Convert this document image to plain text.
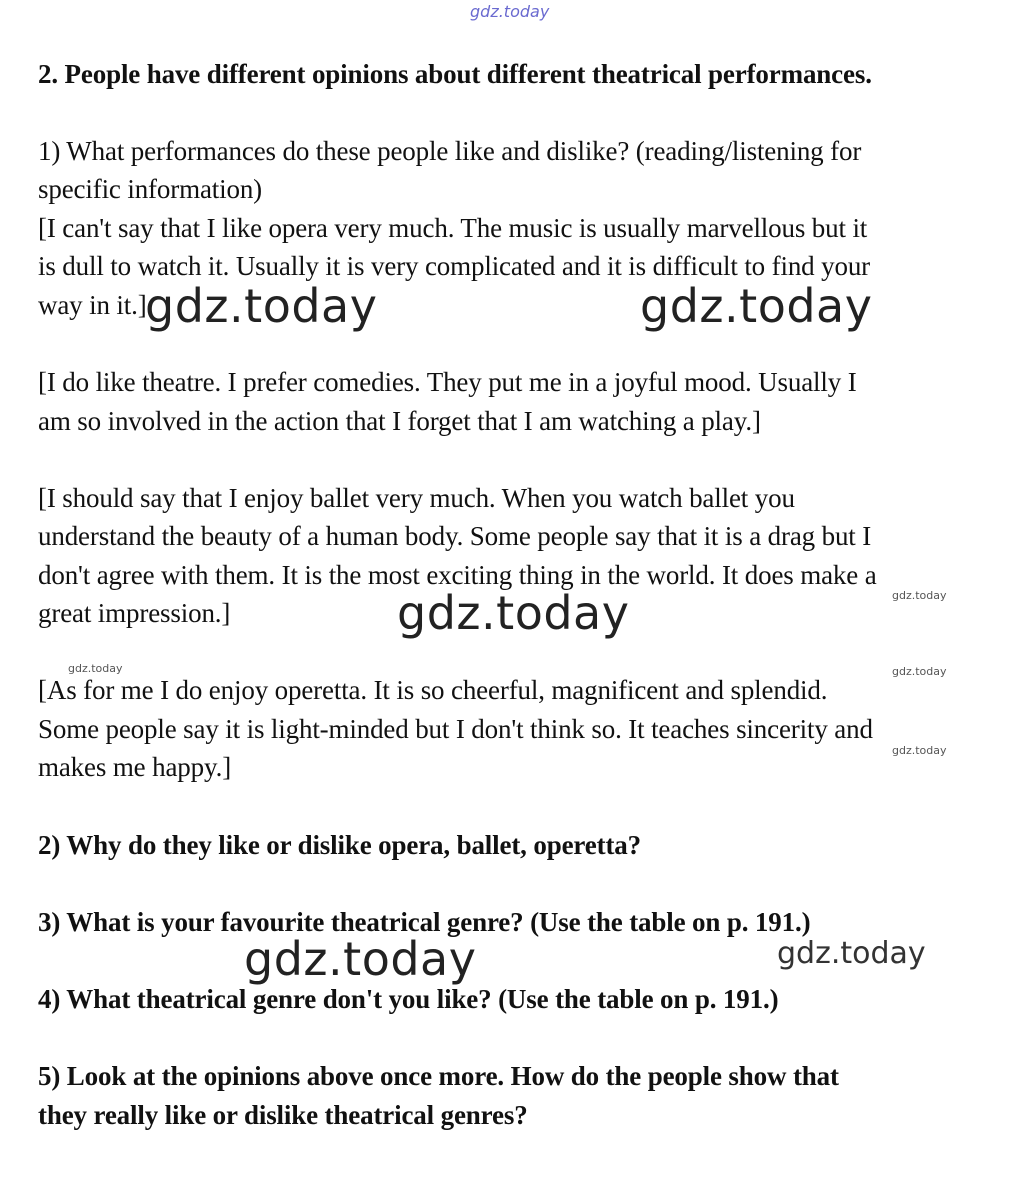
gdz.today
2. People have different opinions about different theatrical performances.
1) What performances do these people like and dislike? (reading/listening for
specific information)
[I can't say that I like opera very much. The music is usually marvellous but it
is dull to watch it. Usually it is very complicated and it is difficult to find your
way in it.]
[I do like theatre. I prefer comedies. They put me in a joyful mood. Usually I
am so involved in the action that I forget that I am watching a play.]
[I should say that I enjoy ballet very much. When you watch ballet you
understand the beauty of a human body. Some people say that it is a drag but I
don't agree with them. It is the most exciting thing in the world. It does make a
great impression.]
[As for me I do enjoy operetta. It is so cheerful, magnificent and splendid.
Some people say it is light-minded but I don't think so. It teaches sincerity and
makes me happy.]
2) Why do they like or dislike opera, ballet, operetta?
3) What is your favourite theatrical genre? (Use the table on p. 191.)
4) What theatrical genre don't you like? (Use the table on p. 191.)
5) Look at the opinions above once more. How do the people show that
they really like or dislike theatrical genres?
gdz.today	gdz.today
gdz.today	gdz.today
gdz.today	gdz.today
gdz.today
gdz.today	gdz.today
